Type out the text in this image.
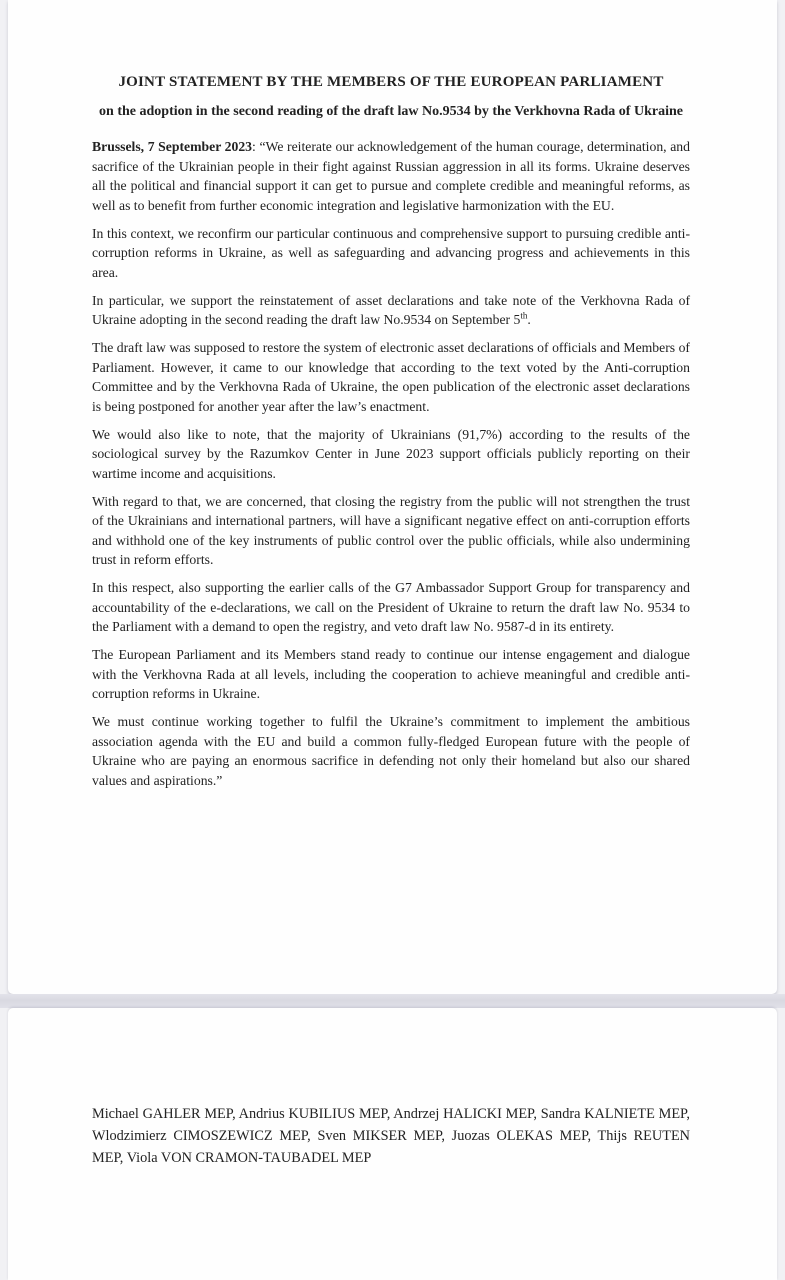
JOINT STATEMENT BY THE MEMBERS OF THE EUROPEAN PARLIAMENT
on the adoption in the second reading of the draft law No.9534 by the Verkhovna Rada of Ukraine

Brussels, 7 September 2023: “We reiterate our acknowledgement of the human courage, determination, and sacrifice of the Ukrainian people in their fight against Russian aggression in all its forms. Ukraine deserves all the political and financial support it can get to pursue and complete credible and meaningful reforms, as well as to benefit from further economic integration and legislative harmonization with the EU.

In this context, we reconfirm our particular continuous and comprehensive support to pursuing credible anti-corruption reforms in Ukraine, as well as safeguarding and advancing progress and achievements in this area.

In particular, we support the reinstatement of asset declarations and take note of the Verkhovna Rada of Ukraine adopting in the second reading the draft law No.9534 on September 5th.

The draft law was supposed to restore the system of electronic asset declarations of officials and Members of Parliament. However, it came to our knowledge that according to the text voted by the Anti-corruption Committee and by the Verkhovna Rada of Ukraine, the open publication of the electronic asset declarations is being postponed for another year after the law’s enactment.

We would also like to note, that the majority of Ukrainians (91,7%) according to the results of the sociological survey by the Razumkov Center in June 2023 support officials publicly reporting on their wartime income and acquisitions.

With regard to that, we are concerned, that closing the registry from the public will not strengthen the trust of the Ukrainians and international partners, will have a significant negative effect on anti-corruption efforts and withhold one of the key instruments of public control over the public officials, while also undermining trust in reform efforts.

In this respect, also supporting the earlier calls of the G7 Ambassador Support Group for transparency and accountability of the e-declarations, we call on the President of Ukraine to return the draft law No. 9534 to the Parliament with a demand to open the registry, and veto draft law No. 9587-d in its entirety.

The European Parliament and its Members stand ready to continue our intense engagement and dialogue with the Verkhovna Rada at all levels, including the cooperation to achieve meaningful and credible anti-corruption reforms in Ukraine.

We must continue working together to fulfil the Ukraine’s commitment to implement the ambitious association agenda with the EU and build a common fully-fledged European future with the people of Ukraine who are paying an enormous sacrifice in defending not only their homeland but also our shared values and aspirations.”

Michael GAHLER MEP, Andrius KUBILIUS MEP, Andrzej HALICKI MEP, Sandra KALNIETE MEP, Wlodzimierz CIMOSZEWICZ MEP, Sven MIKSER MEP, Juozas OLEKAS MEP, Thijs REUTEN MEP, Viola VON CRAMON-TAUBADEL MEP
